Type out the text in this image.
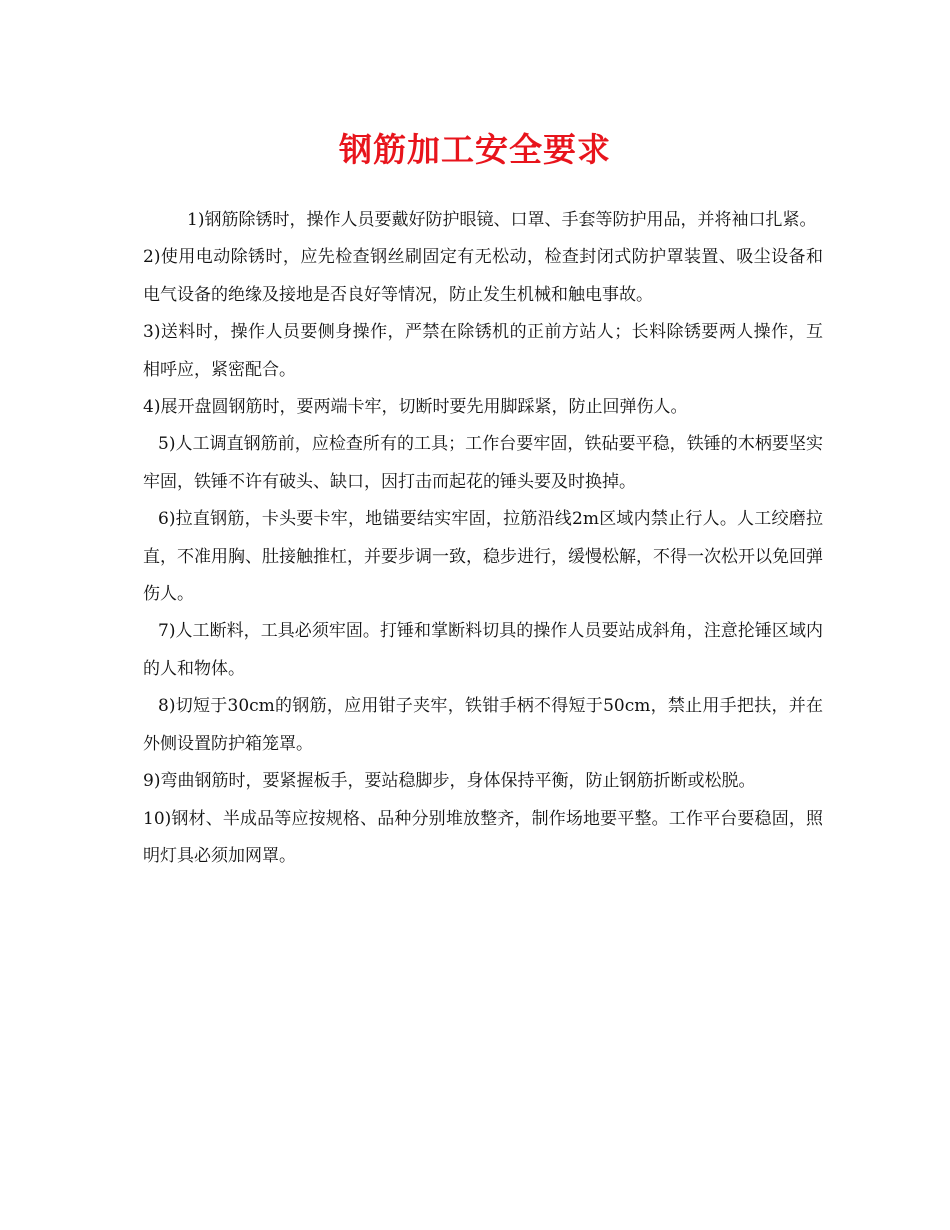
钢筋加工安全要求

1)钢筋除锈时，操作人员要戴好防护眼镜、口罩、手套等防护用品，并将袖口扎紧。

2)使用电动除锈时，应先检查钢丝刷固定有无松动，检查封闭式防护罩装置、吸尘设备和电气设备的绝缘及接地是否良好等情况，防止发生机械和触电事故。

3)送料时，操作人员要侧身操作，严禁在除锈机的正前方站人；长料除锈要两人操作，互相呼应，紧密配合。

4)展开盘圆钢筋时，要两端卡牢，切断时要先用脚踩紧，防止回弹伤人。

5)人工调直钢筋前，应检查所有的工具；工作台要牢固，铁砧要平稳，铁锤的木柄要坚实牢固，铁锤不许有破头、缺口，因打击而起花的锤头要及时换掉。

6)拉直钢筋，卡头要卡牢，地锚要结实牢固，拉筋沿线2m区域内禁止行人。人工绞磨拉直，不准用胸、肚接触推杠，并要步调一致，稳步进行，缓慢松解，不得一次松开以免回弹伤人。

7)人工断料，工具必须牢固。打锤和掌断料切具的操作人员要站成斜角，注意抡锤区域内的人和物体。

8)切短于30cm的钢筋，应用钳子夹牢，铁钳手柄不得短于50cm，禁止用手把扶，并在外侧设置防护箱笼罩。

9)弯曲钢筋时，要紧握板手，要站稳脚步，身体保持平衡，防止钢筋折断或松脱。

10)钢材、半成品等应按规格、品种分别堆放整齐，制作场地要平整。工作平台要稳固，照明灯具必须加网罩。
